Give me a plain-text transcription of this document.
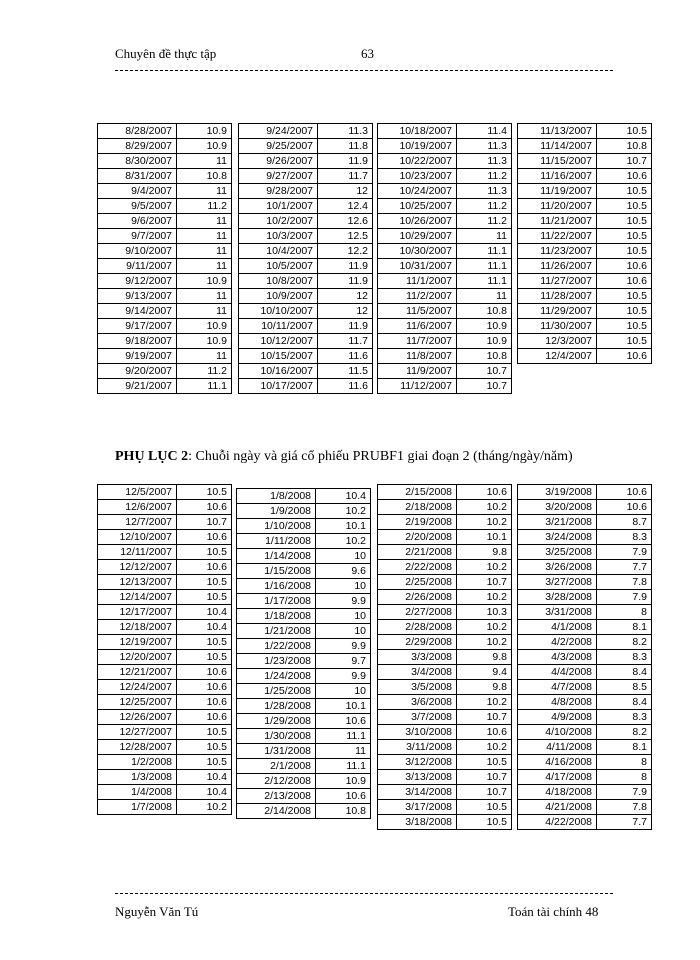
Chuyên đề thực tập	63
8/28/2007	10.9
8/29/2007	10.9
8/30/2007	11
8/31/2007	10.8
9/4/2007	11
9/5/2007	11.2
9/6/2007	11
9/7/2007	11
9/10/2007	11
9/11/2007	11
9/12/2007	10.9
9/13/2007	11
9/14/2007	11
9/17/2007	10.9
9/18/2007	10.9
9/19/2007	11
9/20/2007	11.2
9/21/2007	11.1
9/24/2007	11.3
9/25/2007	11.8
9/26/2007	11.9
9/27/2007	11.7
9/28/2007	12
10/1/2007	12.4
10/2/2007	12.6
10/3/2007	12.5
10/4/2007	12.2
10/5/2007	11.9
10/8/2007	11.9
10/9/2007	12
10/10/2007	12
10/11/2007	11.9
10/12/2007	11.7
10/15/2007	11.6
10/16/2007	11.5
10/17/2007	11.6
10/18/2007	11.4
10/19/2007	11.3
10/22/2007	11.3
10/23/2007	11.2
10/24/2007	11.3
10/25/2007	11.2
10/26/2007	11.2
10/29/2007	11
10/30/2007	11.1
10/31/2007	11.1
11/1/2007	11.1
11/2/2007	11
11/5/2007	10.8
11/6/2007	10.9
11/7/2007	10.9
11/8/2007	10.8
11/9/2007	10.7
11/12/2007	10.7
11/13/2007	10.5
11/14/2007	10.8
11/15/2007	10.7
11/16/2007	10.6
11/19/2007	10.5
11/20/2007	10.5
11/21/2007	10.5
11/22/2007	10.5
11/23/2007	10.5
11/26/2007	10.6
11/27/2007	10.6
11/28/2007	10.5
11/29/2007	10.5
11/30/2007	10.5
12/3/2007	10.5
12/4/2007	10.6
PHỤ LỤC 2: Chuỗi ngày và giá cổ phiếu PRUBF1 giai đoạn 2 (tháng/ngày/năm)
12/5/2007	10.5
12/6/2007	10.6
12/7/2007	10.7
12/10/2007	10.6
12/11/2007	10.5
12/12/2007	10.6
12/13/2007	10.5
12/14/2007	10.5
12/17/2007	10.4
12/18/2007	10.4
12/19/2007	10.5
12/20/2007	10.5
12/21/2007	10.6
12/24/2007	10.6
12/25/2007	10.6
12/26/2007	10.6
12/27/2007	10.5
12/28/2007	10.5
1/2/2008	10.5
1/3/2008	10.4
1/4/2008	10.4
1/7/2008	10.2
1/8/2008	10.4
1/9/2008	10.2
1/10/2008	10.1
1/11/2008	10.2
1/14/2008	10
1/15/2008	9.6
1/16/2008	10
1/17/2008	9.9
1/18/2008	10
1/21/2008	10
1/22/2008	9.9
1/23/2008	9.7
1/24/2008	9.9
1/25/2008	10
1/28/2008	10.1
1/29/2008	10.6
1/30/2008	11.1
1/31/2008	11
2/1/2008	11.1
2/12/2008	10.9
2/13/2008	10.6
2/14/2008	10.8
2/15/2008	10.6
2/18/2008	10.2
2/19/2008	10.2
2/20/2008	10.1
2/21/2008	9.8
2/22/2008	10.2
2/25/2008	10.7
2/26/2008	10.2
2/27/2008	10.3
2/28/2008	10.2
2/29/2008	10.2
3/3/2008	9.8
3/4/2008	9.4
3/5/2008	9.8
3/6/2008	10.2
3/7/2008	10.7
3/10/2008	10.6
3/11/2008	10.2
3/12/2008	10.5
3/13/2008	10.7
3/14/2008	10.7
3/17/2008	10.5
3/18/2008	10.5
3/19/2008	10.6
3/20/2008	10.6
3/21/2008	8.7
3/24/2008	8.3
3/25/2008	7.9
3/26/2008	7.7
3/27/2008	7.8
3/28/2008	7.9
3/31/2008	8
4/1/2008	8.1
4/2/2008	8.2
4/3/2008	8.3
4/4/2008	8.4
4/7/2008	8.5
4/8/2008	8.4
4/9/2008	8.3
4/10/2008	8.2
4/11/2008	8.1
4/16/2008	8
4/17/2008	8
4/18/2008	7.9
4/21/2008	7.8
4/22/2008	7.7
Nguyễn Văn Tú	Toán tài chính 48
